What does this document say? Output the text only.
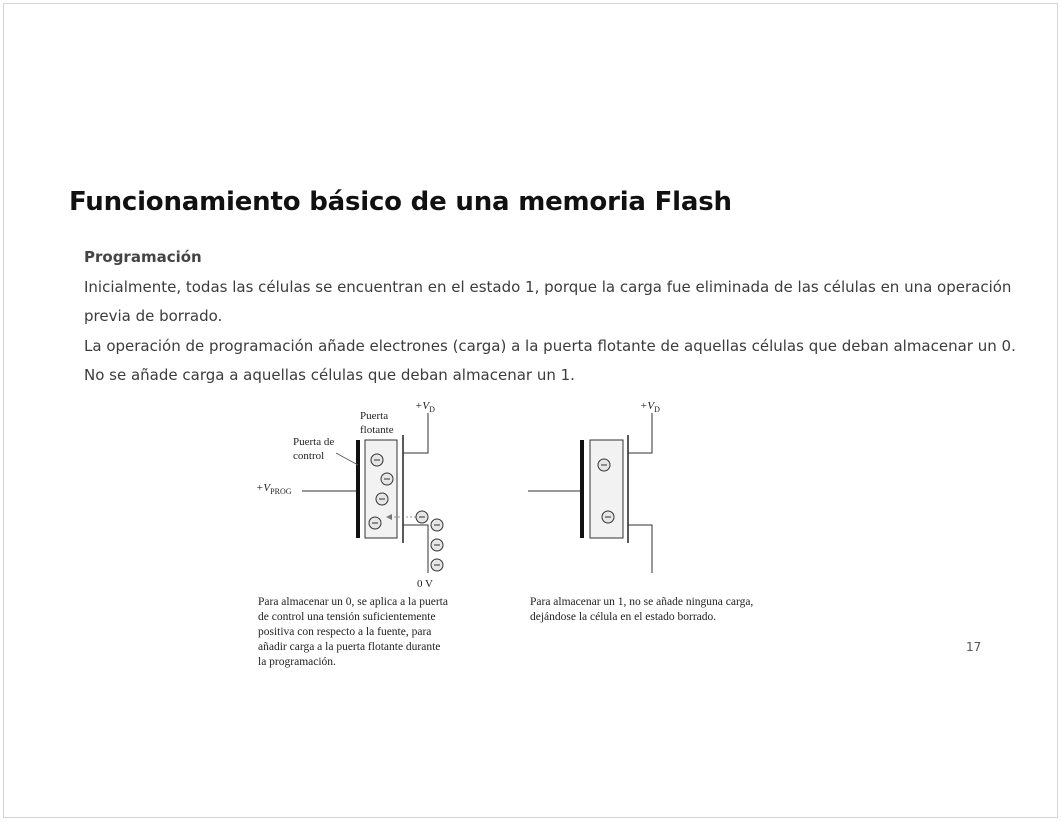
Funcionamiento básico de una memoria Flash
Programación
Inicialmente, todas las células se encuentran en el estado 1, porque la carga fue eliminada de las células en una operación
previa de borrado.
La operación de programación añade electrones (carga) a la puerta flotante de aquellas células que deban almacenar un 0.
No se añade carga a aquellas células que deban almacenar un 1.
Puerta
flotante
Puerta de
control
$+V_{PROG}$
$+V_D$
0 V
$+V_D$
Para almacenar un 0, se aplica a la puerta
de control una tensión suficientemente
positiva con respecto a la fuente, para
añadir carga a la puerta flotante durante
la programación.
Para almacenar un 1, no se añade ninguna carga,
dejándose la célula en el estado borrado.
17
